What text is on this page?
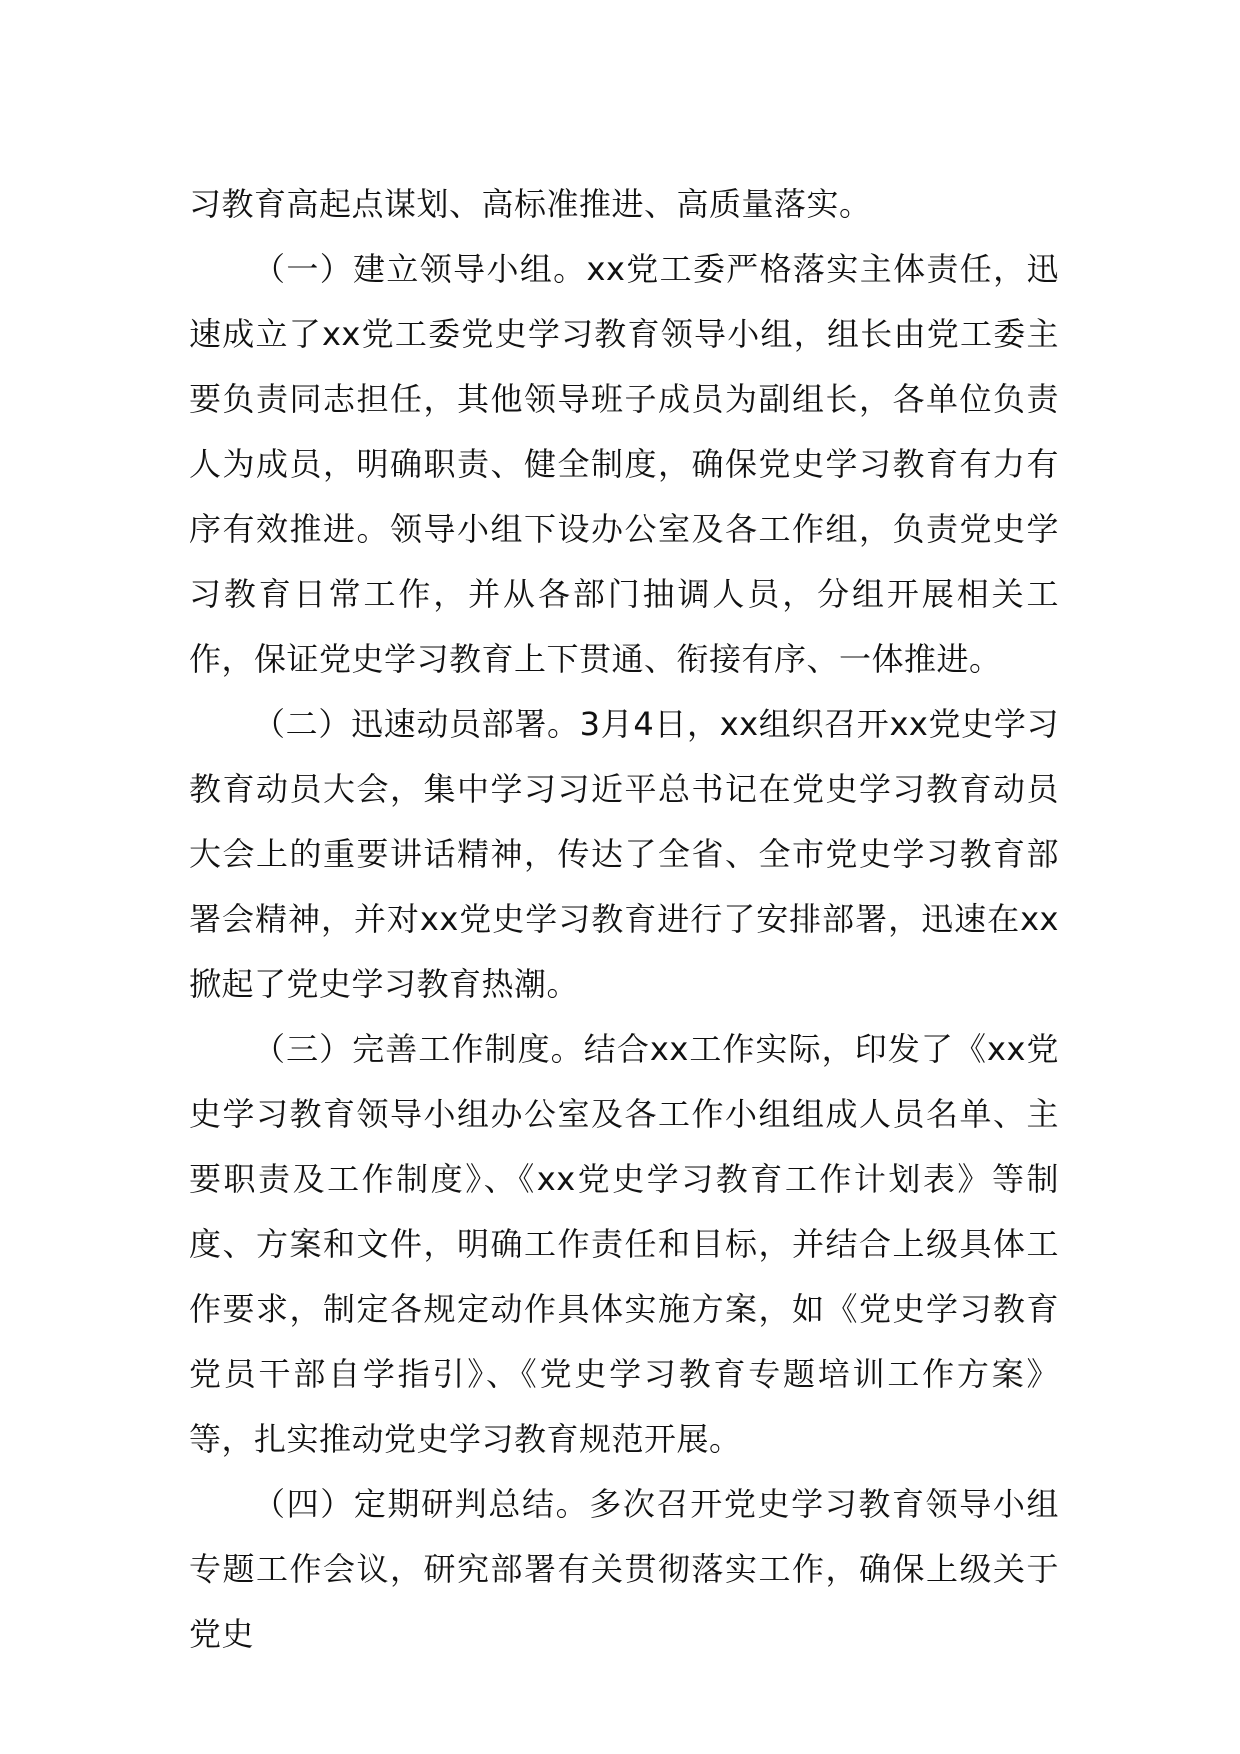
习教育高起点谋划、高标准推进、高质量落实。

（一）建立领导小组。xx党工委严格落实主体责任，迅速成立了xx党工委党史学习教育领导小组，组长由党工委主要负责同志担任，其他领导班子成员为副组长，各单位负责人为成员，明确职责、健全制度，确保党史学习教育有力有序有效推进。领导小组下设办公室及各工作组，负责党史学习教育日常工作，并从各部门抽调人员，分组开展相关工作，保证党史学习教育上下贯通、衔接有序、一体推进。

（二）迅速动员部署。3月4日，xx组织召开xx党史学习教育动员大会，集中学习习近平总书记在党史学习教育动员大会上的重要讲话精神，传达了全省、全市党史学习教育部署会精神，并对xx党史学习教育进行了安排部署，迅速在xx掀起了党史学习教育热潮。

（三）完善工作制度。结合xx工作实际，印发了《xx党史学习教育领导小组办公室及各工作小组组成人员名单、主要职责及工作制度》、《xx党史学习教育工作计划表》等制度、方案和文件，明确工作责任和目标，并结合上级具体工作要求，制定各规定动作具体实施方案，如《党史学习教育党员干部自学指引》、《党史学习教育专题培训工作方案》等，扎实推动党史学习教育规范开展。

（四）定期研判总结。多次召开党史学习教育领导小组专题工作会议，研究部署有关贯彻落实工作，确保上级关于党史
